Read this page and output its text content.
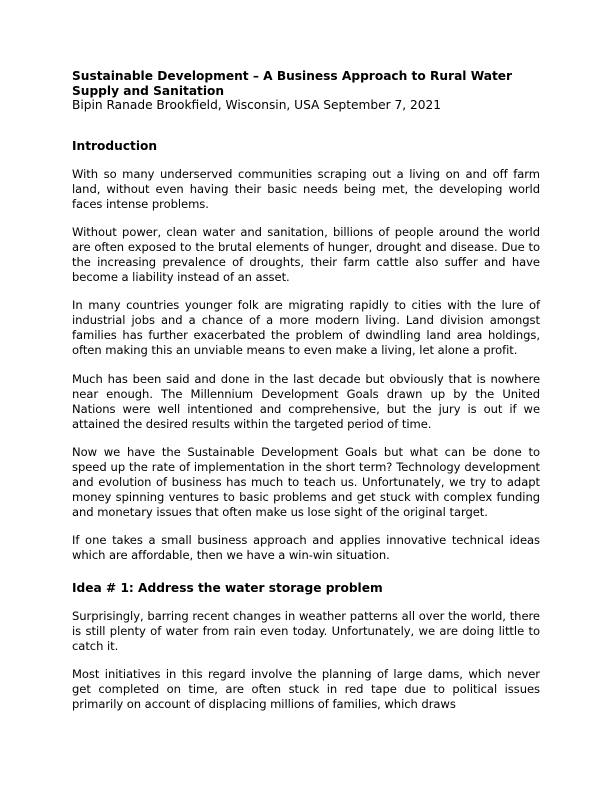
Sustainable Development – A Business Approach to Rural Water Supply and Sanitation

Bipin Ranade Brookfield, Wisconsin, USA September 7, 2021

Introduction

With so many underserved communities scraping out a living on and off farm land, without even having their basic needs being met, the developing world faces intense problems.

Without power, clean water and sanitation, billions of people around the world are often exposed to the brutal elements of hunger, drought and disease. Due to the increasing prevalence of droughts, their farm cattle also suffer and have become a liability instead of an asset.

In many countries younger folk are migrating rapidly to cities with the lure of industrial jobs and a chance of a more modern living. Land division amongst families has further exacerbated the problem of dwindling land area holdings, often making this an unviable means to even make a living, let alone a profit.

Much has been said and done in the last decade but obviously that is nowhere near enough. The Millennium Development Goals drawn up by the United Nations were well intentioned and comprehensive, but the jury is out if we attained the desired results within the targeted period of time.

Now we have the Sustainable Development Goals but what can be done to speed up the rate of implementation in the short term? Technology development and evolution of business has much to teach us. Unfortunately, we try to adapt money spinning ventures to basic problems and get stuck with complex funding and monetary issues that often make us lose sight of the original target.

If one takes a small business approach and applies innovative technical ideas which are affordable, then we have a win-win situation.

Idea # 1: Address the water storage problem

Surprisingly, barring recent changes in weather patterns all over the world, there is still plenty of water from rain even today. Unfortunately, we are doing little to catch it.

Most initiatives in this regard involve the planning of large dams, which never get completed on time, are often stuck in red tape due to political issues primarily on account of displacing millions of families, which draws
